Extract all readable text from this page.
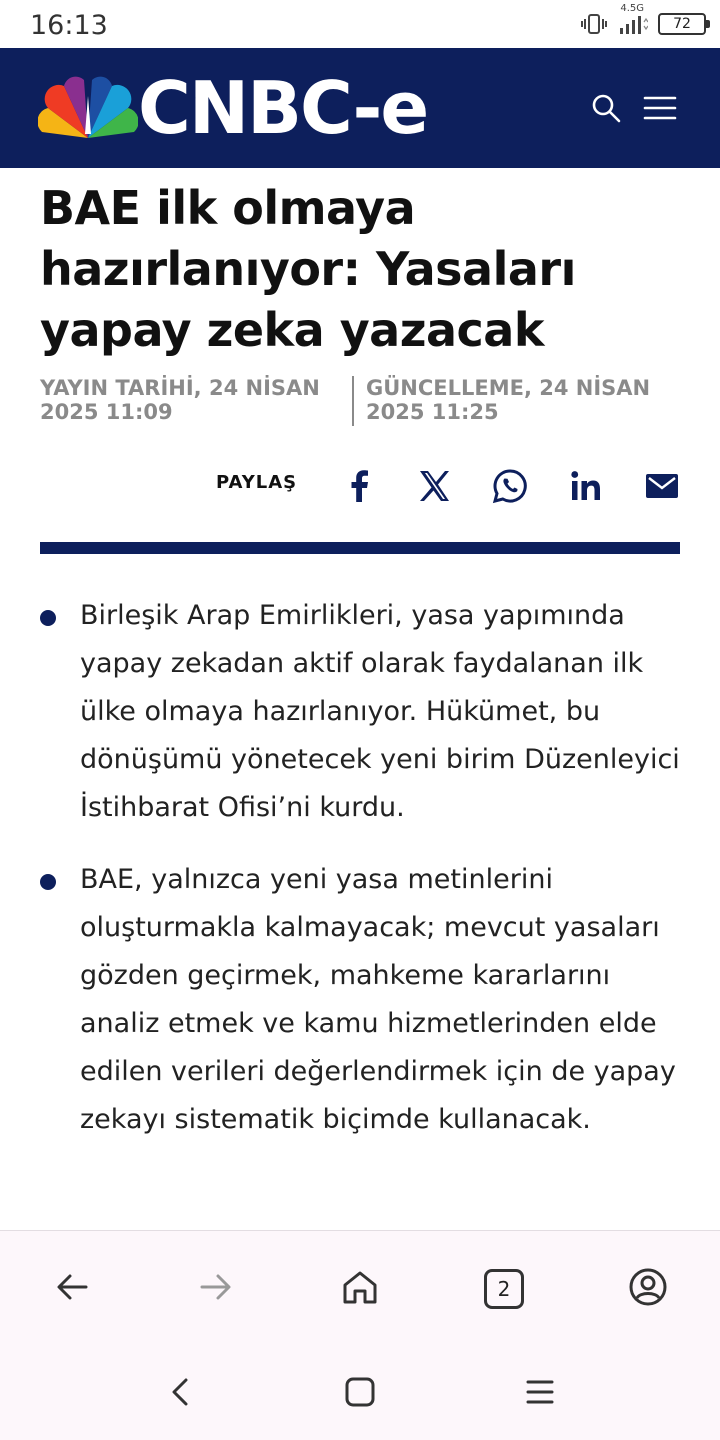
16:13
4.5G
72
CNBC-e
BAE ilk olmaya hazırlanıyor: Yasaları yapay zeka yazacak
YAYIN TARİHİ, 24 NİSAN 2025 11:09
GÜNCELLEME, 24 NİSAN 2025 11:25
PAYLAŞ
Birleşik Arap Emirlikleri, yasa yapımında yapay zekadan aktif olarak faydalanan ilk ülke olmaya hazırlanıyor. Hükümet, bu dönüşümü yönetecek yeni birim Düzenleyici İstihbarat Ofisi’ni kurdu.
BAE, yalnızca yeni yasa metinlerini oluşturmakla kalmayacak; mevcut yasaları gözden geçirmek, mahkeme kararlarını analiz etmek ve kamu hizmetlerinden elde edilen verileri değerlendirmek için de yapay zekayı sistematik biçimde kullanacak.
2
